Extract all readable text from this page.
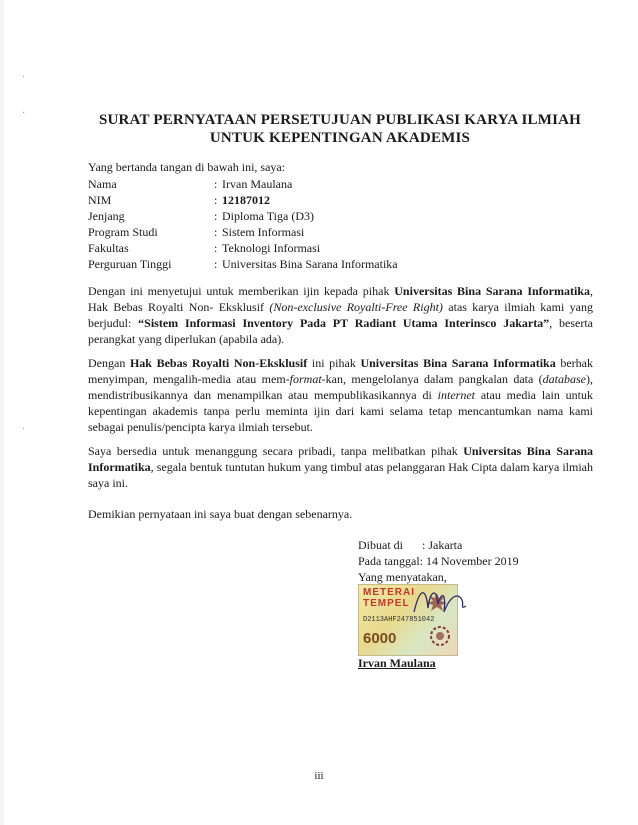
·
·
·
SURAT PERNYATAAN PERSETUJUAN PUBLIKASI KARYA ILMIAH
UNTUK KEPENTINGAN AKADEMIS
Yang bertanda tangan di bawah ini, saya:
Nama	: Irvan Maulana
NIM	: 12187012
Jenjang	: Diploma Tiga (D3)
Program Studi	: Sistem Informasi
Fakultas	: Teknologi Informasi
Perguruan Tinggi	: Universitas Bina Sarana Informatika
Dengan ini menyetujui untuk memberikan ijin kepada pihak Universitas Bina Sarana Informatika, Hak Bebas Royalti Non- Eksklusif (Non-exclusive Royalti-Free Right) atas karya ilmiah kami yang berjudul: “Sistem Informasi Inventory Pada PT Radiant Utama Interinsco Jakarta”, beserta perangkat yang diperlukan (apabila ada).
Dengan Hak Bebas Royalti Non-Eksklusif ini pihak Universitas Bina Sarana Informatika berhak menyimpan, mengalih-media atau mem-format-kan, mengelolanya dalam pangkalan data (database), mendistribusikannya dan menampilkan atau mempublikasikannya di internet atau media lain untuk kepentingan akademis tanpa perlu meminta ijin dari kami selama tetap mencantumkan nama kami sebagai penulis/pencipta karya ilmiah tersebut.
Saya bersedia untuk menanggung secara pribadi, tanpa melibatkan pihak Universitas Bina Sarana Informatika, segala bentuk tuntutan hukum yang timbul atas pelanggaran Hak Cipta dalam karya ilmiah saya ini.
Demikian pernyataan ini saya buat dengan sebenarnya.
Dibuat di : Jakarta
Pada tanggal: 14 November 2019
Yang menyatakan,
METERAI
TEMPEL
D2113AHF247851042
6000
Irvan Maulana
iii
